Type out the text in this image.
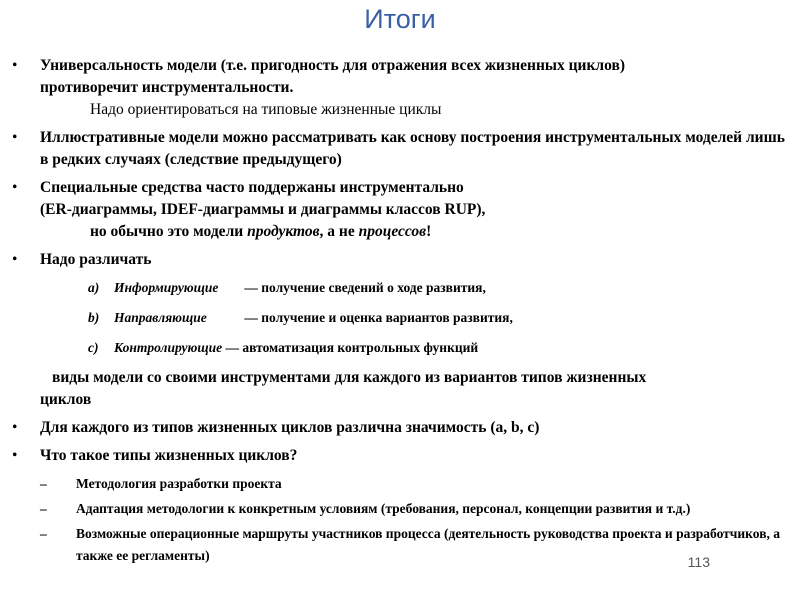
Итоги
• Универсальность модели (т.е. пригодность для отражения всех жизненных циклов)
противоречит инструментальности.
Надо ориентироваться на типовые жизненные циклы
• Иллюстративные модели можно рассматривать как основу построения инструментальных моделей лишь в редких случаях (следствие предыдущего)
• Специальные средства часто поддержаны инструментально
(ER-диаграммы, IDEF-диаграммы и диаграммы классов RUP),
но обычно это модели продуктов, а не процессов!
• Надо различать
a) Информирующие — получение сведений о ходе развития,
b) Направляющие	— получение и оценка вариантов развития,
c) Контролирующие — автоматизация контрольных функций
виды модели со своими инструментами для каждого из вариантов типов жизненных
циклов
• Для каждого из типов жизненных циклов различна значимость (a, b, c)
• Что такое типы жизненных циклов?
– Методология разработки проекта
– Адаптация методологии к конкретным условиям (требования, персонал, концепции развития и т.д.)
– Возможные операционные маршруты участников процесса (деятельность руководства проекта и разработчиков, а также ее регламенты)	113
